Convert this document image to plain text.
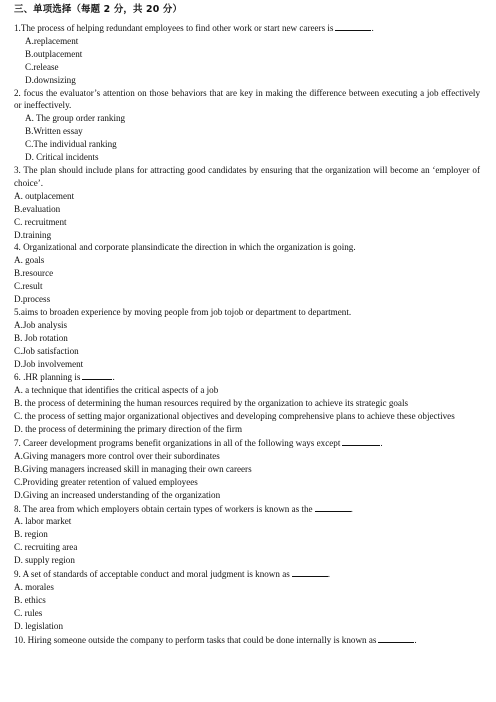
三、单项选择（每题 2 分，共 20 分）
1.The process of helping redundant employees to find other work or start new careers is	.
A.replacement
B.outplacement
C.release
D.downsizing
2. focus the evaluator’s attention on those behaviors that are key in making the difference between executing a job effectively or ineffectively.
A. The group order ranking
B.Written essay
C.The individual ranking
D. Critical incidents
3. The plan should include plans for attracting good candidates by ensuring that the organization will become an ‘employer of choice’.
A. outplacement
B.evaluation
C. recruitment
D.training
4. Organizational and corporate plansindicate the direction in which the organization is going.
A. goals
B.resource
C.result
D.process
5.aims to broaden experience by moving people from job tojob or department to department.
A.Job analysis
B. Job rotation
C.Job satisfaction
D.Job involvement
6. .HR planning is	.
A. a technique that identifies the critical aspects of a job
B. the process of determining the human resources required by the organization to achieve its strategic goals
C. the process of setting major organizational objectives and developing comprehensive plans to achieve these objectives
D. the process of determining the primary direction of the firm
7. Career development programs benefit organizations in all of the following ways except	.
A.Giving managers more control over their subordinates
B.Giving managers increased skill in managing their own careers
C.Providing greater retention of valued employees
D.Giving an increased understanding of the organization
8. The area from which employers obtain certain types of workers is known as the	.
A. labor market
B. region
C. recruiting area
D. supply region
9. A set of standards of acceptable conduct and moral judgment is known as	.
A. morales
B. ethics
C. rules
D. legislation
10. Hiring someone outside the company to perform tasks that could be done internally is known as	.
